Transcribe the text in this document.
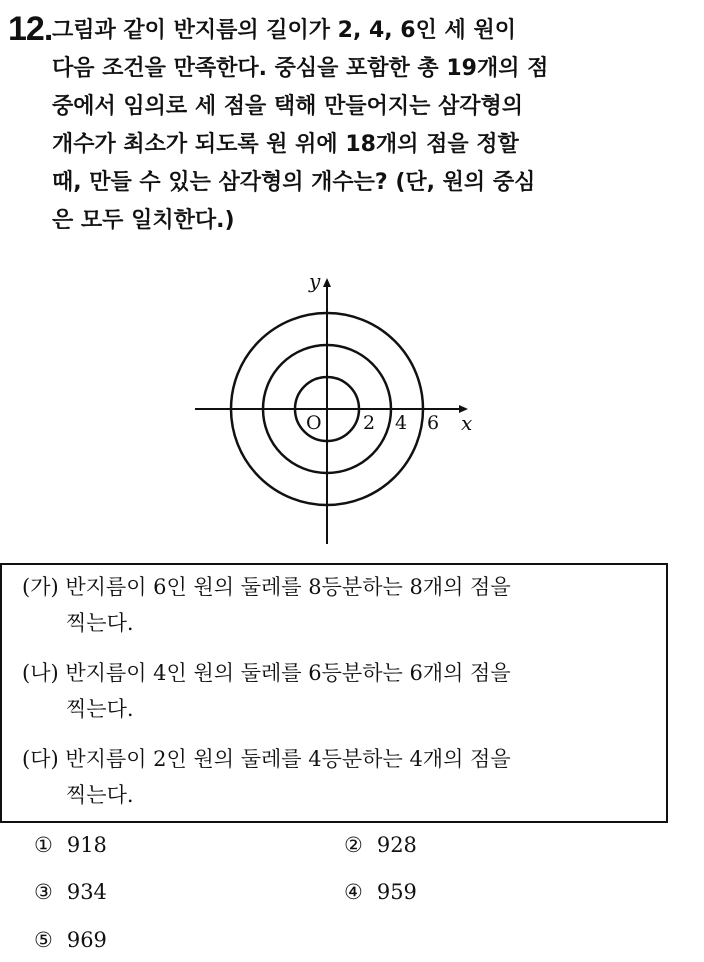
12. 그림과 같이 반지름의 길이가 2, 4, 6인 세 원이
다음 조건을 만족한다. 중심을 포함한 총 19개의 점
중에서 임의로 세 점을 택해 만들어지는 삼각형의
개수가 최소가 되도록 원 위에 18개의 점을 정할
때, 만들 수 있는 삼각형의 개수는? (단, 원의 중심
은 모두 일치한다.)

y
x
O 2 4 6
(가) 반지름이 6인 원의 둘레를 8등분하는 8개의 점을
찍는다.
(나) 반지름이 4인 원의 둘레를 6등분하는 6개의 점을
찍는다.
(다) 반지름이 2인 원의 둘레를 4등분하는 4개의 점을
찍는다.
① 918	② 928
③ 934	④ 959
⑤ 969
